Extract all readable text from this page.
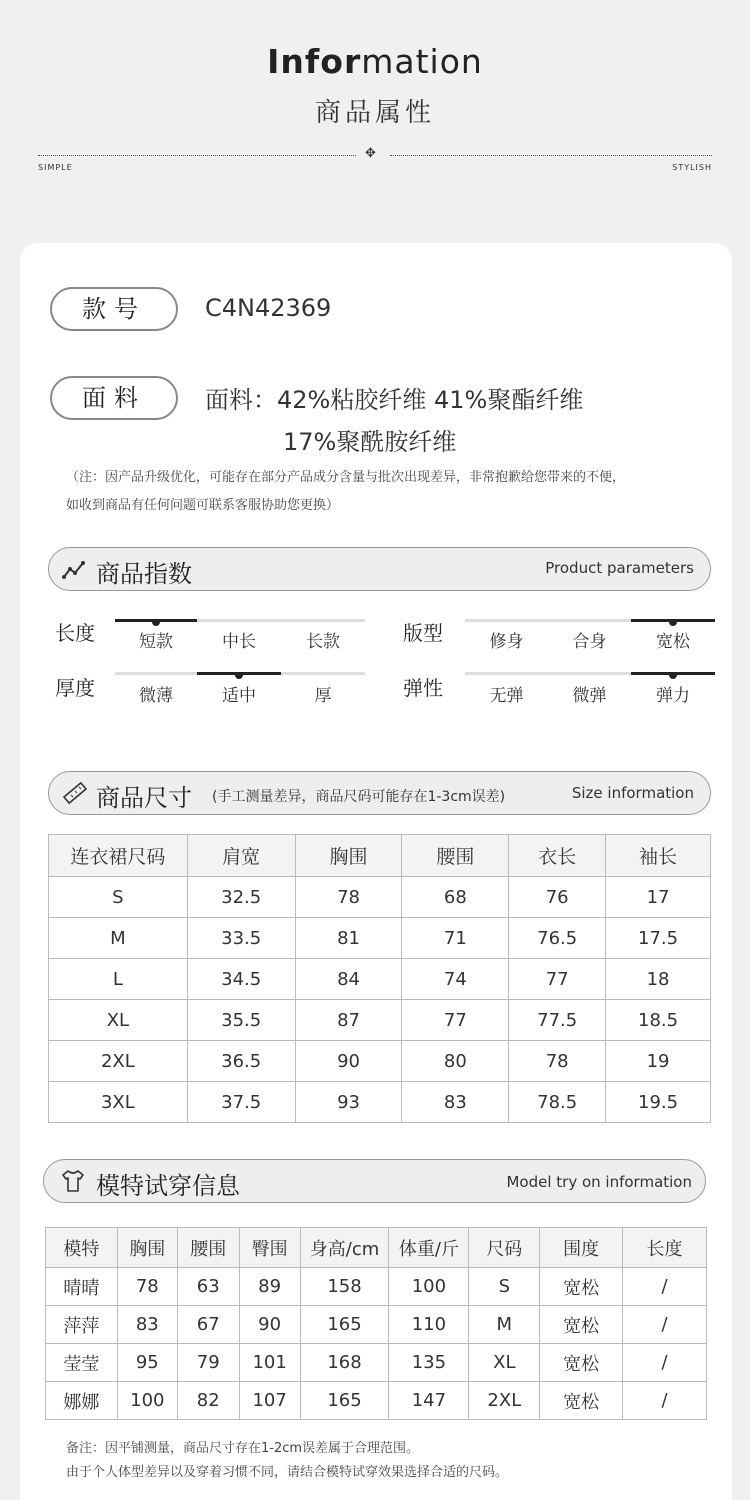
Information
商品属性
✥
SIMPLE	STYLISH
款号	C4N42369
面料	面料：42%粘胶纤维 41%聚酯纤维
17%聚酰胺纤维
（注：因产品升级优化，可能存在部分产品成分含量与批次出现差异，非常抱歉给您带来的不便，
如收到商品有任何问题可联系客服协助您更换）
商品指数	Product parameters
长度	短款	中长	长款	版型	修身	合身	宽松
厚度	微薄	适中	厚	弹性	无弹	微弹	弹力
商品尺寸 (手工测量差异，商品尺码可能存在1-3cm误差)	Size information
连衣裙尺码	肩宽	胸围	腰围	衣长	袖长
S	32.5	78	68	76	17
M	33.5	81	71	76.5	17.5
L	34.5	84	74	77	18
XL	35.5	87	77	77.5	18.5
2XL	36.5	90	80	78	19
3XL	37.5	93	83	78.5	19.5
模特试穿信息	Model try on information
模特	胸围	腰围	臀围	身高/cm	体重/斤	尺码	围度	长度
晴晴	78	63	89	158	100	S	宽松	/
萍萍	83	67	90	165	110	M	宽松	/
莹莹	95	79	101	168	135	XL	宽松	/
娜娜	100	82	107	165	147	2XL	宽松	/
备注：因平铺测量，商品尺寸存在1-2cm误差属于合理范围。
由于个人体型差异以及穿着习惯不同，请结合模特试穿效果选择合适的尺码。
